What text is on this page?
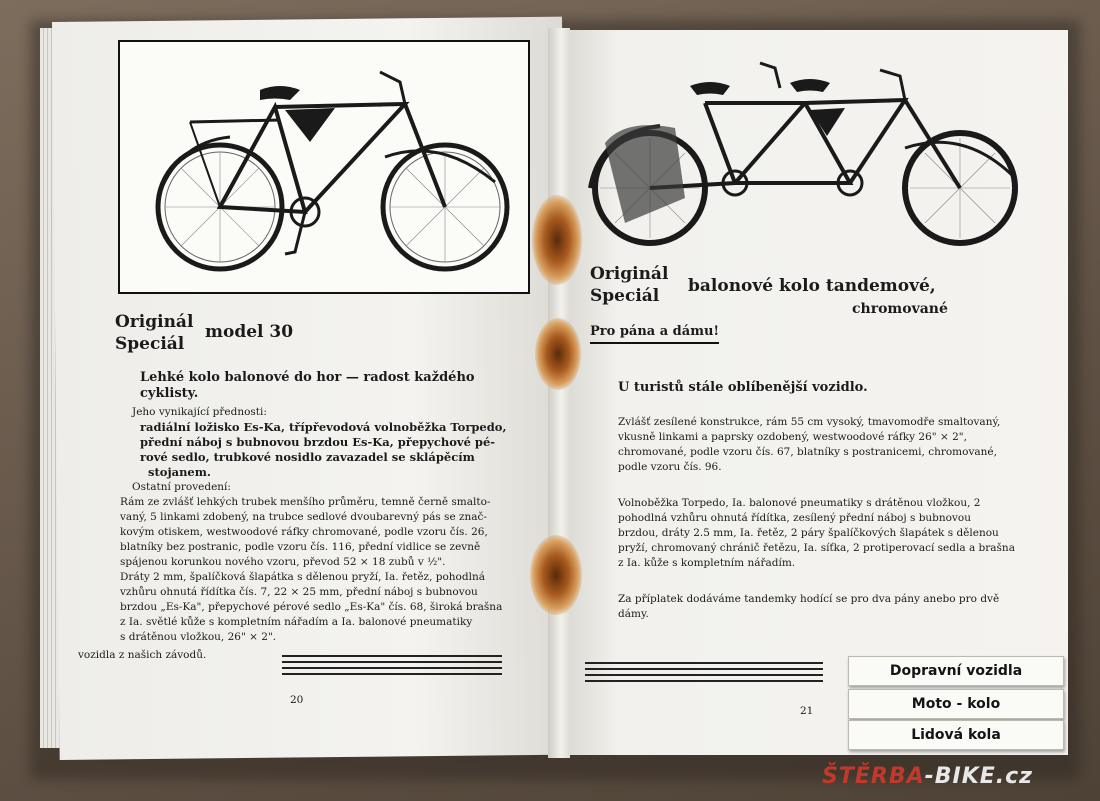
Originál

Speciál

model 30

Lehké kolo balonové do hor — radost každého

cyklisty.

Jeho vynikající přednosti:

radiální ložisko Es-Ka, třípřevodová volnoběžka Torpedo,
přední náboj s bubnovou brzdou Es-Ka, přepychové pé-
rové sedlo, trubkové nosidlo zavazadel se sklápěcím
stojanem.

Ostatní provedení:

Rám ze zvlášť lehkých trubek menšího průměru, temně černě smalto-
vaný, 5 linkami zdobený, na trubce sedlové dvoubarevný pás se znač-
kovým otiskem, westwoodové ráfky chromované, podle vzoru čís. 26,
blatníky bez postranic, podle vzoru čís. 116, přední vidlice se zevně
spájenou korunkou nového vzoru, převod 52 × 18 zubů v ½".
Dráty 2 mm, špalíčková šlapátka s dělenou pryží, Ia. řetěz, pohodlná
vzhůru ohnutá řídítka čís. 7, 22 × 25 mm, přední náboj s bubnovou
brzdou „Es-Ka", přepychové pérové sedlo „Es-Ka" čís. 68, široká brašna
z Ia. světlé kůže s kompletním nářadím a Ia. balonové pneumatiky
s drátěnou vložkou, 26" × 2".

vozidla z našich závodů.

20

Originál

Speciál balonové kolo tandemové,

chromované

Pro pána a dámu!

U turistů stále oblíbenější vozidlo.

Zvlášť zesílené konstrukce, rám 55 cm vysoký, tmavomodře smaltovaný,
vkusně linkami a paprsky ozdobený, westwoodové ráfky 26" × 2",
chromované, podle vzoru čís. 67, blatníky s postranicemi, chromované,
podle vzoru čís. 96.
Volnoběžka Torpedo, Ia. balonové pneumatiky s drátěnou vložkou, 2
pohodlná vzhůru ohnutá řídítka, zesílený přední náboj s bubnovou
brzdou, dráty 2.5 mm, Ia. řetěz, 2 páry špalíčkových šlapátek s dělenou
pryží, chromovaný chránič řetězu, Ia. síťka, 2 protiperovací sedla a brašna
z Ia. kůže s kompletním nářadím.
Za příplatek dodáváme tandemky hodící se pro dva pány anebo pro dvě
dámy.

21

Dopravní vozidla
Moto - kolo
Lidová kola
ŠTĚRBA-BIKE.cz
